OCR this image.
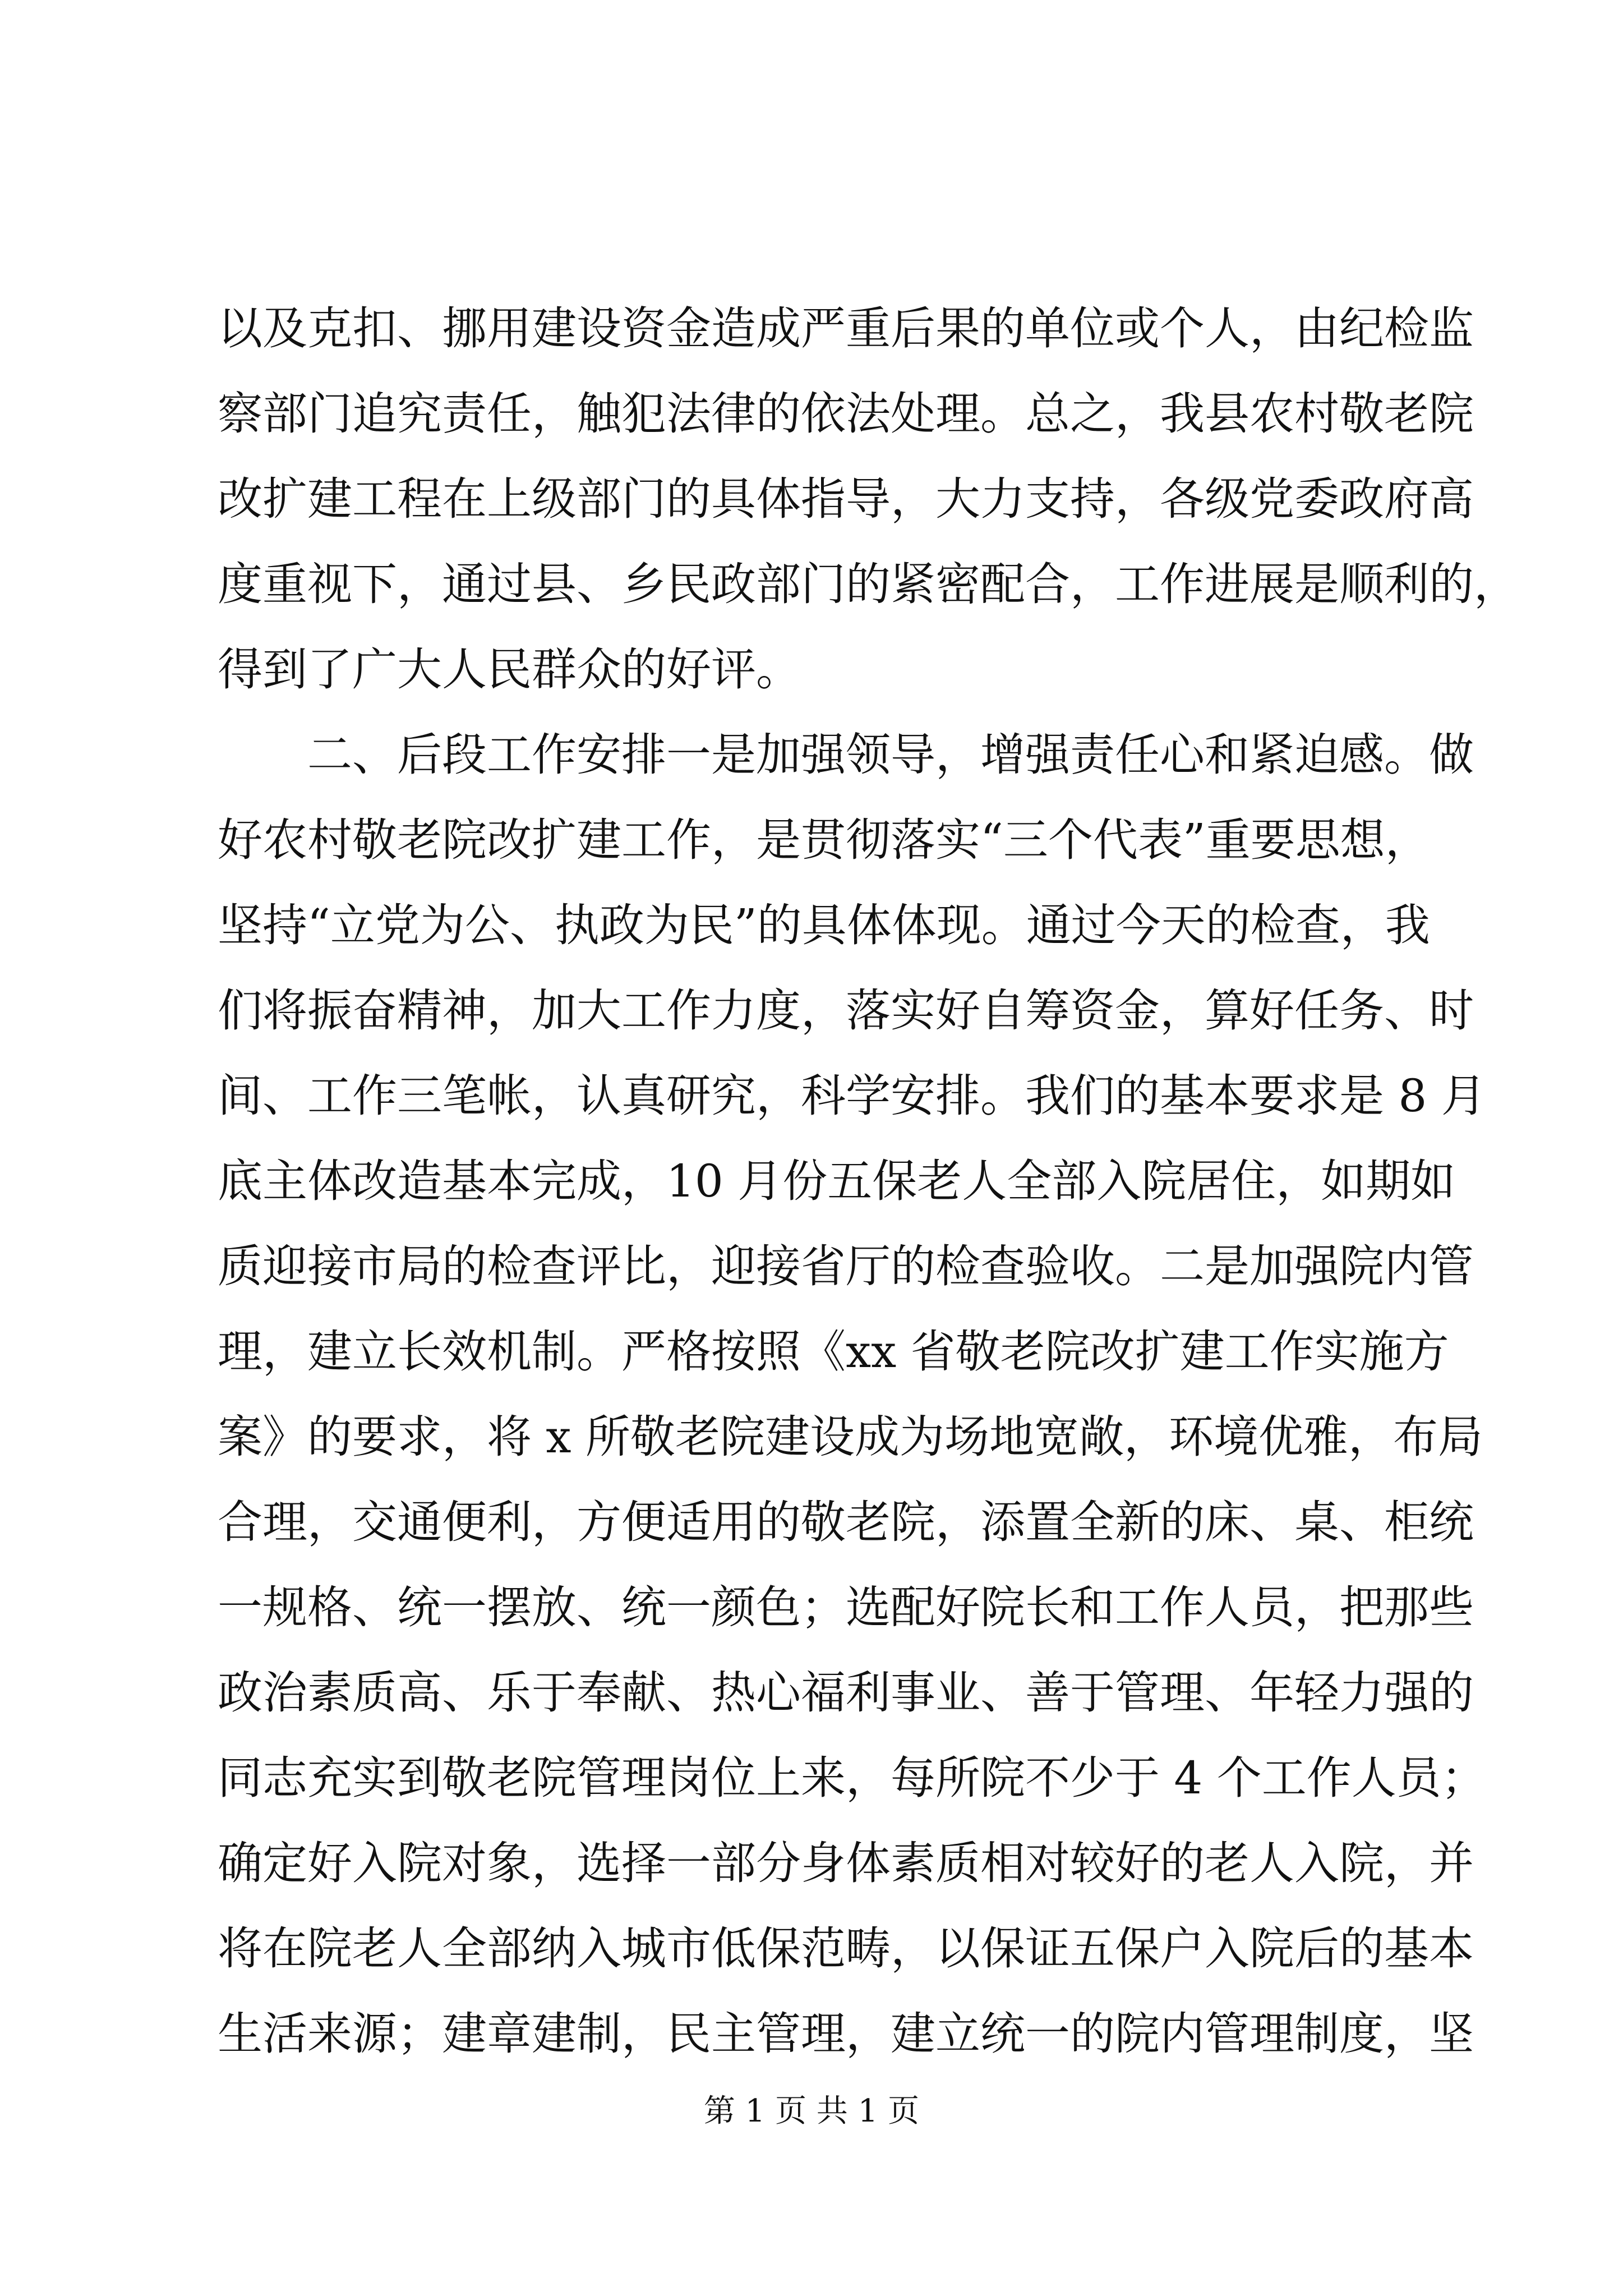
以及克扣、挪用建设资金造成严重后果的单位或个人，由纪检监
察部门追究责任，触犯法律的依法处理。总之，我县农村敬老院
改扩建工程在上级部门的具体指导，大力支持，各级党委政府高
度重视下，通过县、乡民政部门的紧密配合，工作进展是顺利的，
得到了广大人民群众的好评。
　　二、后段工作安排一是加强领导，增强责任心和紧迫感。做
好农村敬老院改扩建工作，是贯彻落实“三个代表”重要思想，
坚持“立党为公、执政为民”的具体体现。通过今天的检查，我
们将振奋精神，加大工作力度，落实好自筹资金，算好任务、时
间、工作三笔帐，认真研究，科学安排。我们的基本要求是 8 月
底主体改造基本完成，10 月份五保老人全部入院居住，如期如
质迎接市局的检查评比，迎接省厅的检查验收。二是加强院内管
理，建立长效机制。严格按照《xx 省敬老院改扩建工作实施方
案》的要求，将 x 所敬老院建设成为场地宽敞，环境优雅，布局
合理，交通便利，方便适用的敬老院，添置全新的床、桌、柜统
一规格、统一摆放、统一颜色；选配好院长和工作人员，把那些
政治素质高、乐于奉献、热心福利事业、善于管理、年轻力强的
同志充实到敬老院管理岗位上来，每所院不少于 4 个工作人员；
确定好入院对象，选择一部分身体素质相对较好的老人入院，并
将在院老人全部纳入城市低保范畴，以保证五保户入院后的基本
生活来源；建章建制，民主管理，建立统一的院内管理制度，坚
第 1 页 共 1 页
